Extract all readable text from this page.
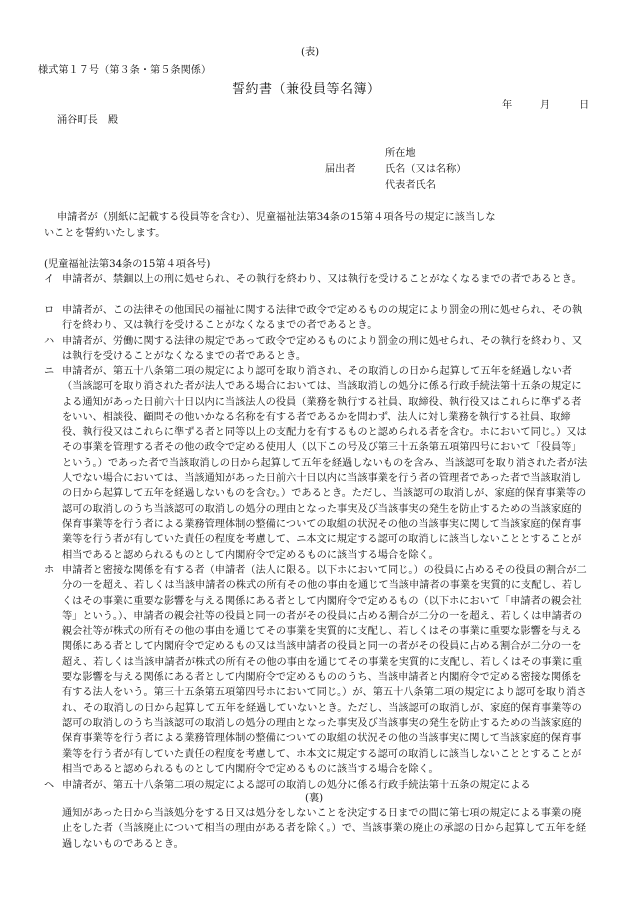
(表)
様式第１７号（第３条・第５条関係）
誓約書（兼役員等名簿）
年	月	日
涌谷町長　殿
所在地
届出者	氏名（又は名称）
代表者氏名
申請者が（別紙に記載する役員等を含む）、児童福祉法第34条の15第４項各号の規定に該当しな
いことを誓約いたします。
(児童福祉法第34条の15第４項各号)
イ 申請者が、禁錮以上の刑に処せられ、その執行を終わり、又は執行を受けることがなくなるまでの者であるとき。
ロ 申請者が、この法律その他国民の福祉に関する法律で政令で定めるものの規定により罰金の刑に処せられ、その執行を終わり、又は執行を受けることがなくなるまでの者であるとき。
ハ 申請者が、労働に関する法律の規定であって政令で定めるものにより罰金の刑に処せられ、その執行を終わり、又は執行を受けることがなくなるまでの者であるとき。
ニ 申請者が、第五十八条第二項の規定により認可を取り消され、その取消しの日から起算して五年を経過しない者（当該認可を取り消された者が法人である場合においては、当該取消しの処分に係る行政手続法第十五条の規定による通知があった日前六十日以内に当該法人の役員（業務を執行する社員、取締役、執行役又はこれらに準ずる者をいい、相談役、顧問その他いかなる名称を有する者であるかを問わず、法人に対し業務を執行する社員、取締役、執行役又はこれらに準ずる者と同等以上の支配力を有するものと認められる者を含む。ホにおいて同じ。）又はその事業を管理する者その他の政令で定める使用人（以下この号及び第三十五条第五項第四号において「役員等」という。）であった者で当該取消しの日から起算して五年を経過しないものを含み、当該認可を取り消された者が法人でない場合においては、当該通知があった日前六十日以内に当該事業を行う者の管理者であった者で当該取消しの日から起算して五年を経過しないものを含む。）であるとき。ただし、当該認可の取消しが、家庭的保育事業等の認可の取消しのうち当該認可の取消しの処分の理由となった事実及び当該事実の発生を防止するための当該家庭的保育事業等を行う者による業務管理体制の整備についての取組の状況その他の当該事実に関して当該家庭的保育事業等を行う者が有していた責任の程度を考慮して、ニ本文に規定する認可の取消しに該当しないこととすることが相当であると認められるものとして内閣府令で定めるものに該当する場合を除く。
ホ 申請者と密接な関係を有する者（申請者（法人に限る。以下ホにおいて同じ。）の役員に占めるその役員の割合が二分の一を超え、若しくは当該申請者の株式の所有その他の事由を通じて当該申請者の事業を実質的に支配し、若しくはその事業に重要な影響を与える関係にある者として内閣府令で定めるもの（以下ホにおいて「申請者の親会社等」という。）、申請者の親会社等の役員と同一の者がその役員に占める割合が二分の一を超え、若しくは申請者の親会社等が株式の所有その他の事由を通じてその事業を実質的に支配し、若しくはその事業に重要な影響を与える関係にある者として内閣府令で定めるもの又は当該申請者の役員と同一の者がその役員に占める割合が二分の一を超え、若しくは当該申請者が株式の所有その他の事由を通じてその事業を実質的に支配し、若しくはその事業に重要な影響を与える関係にある者として内閣府令で定めるもののうち、当該申請者と内閣府令で定める密接な関係を有する法人をいう。第三十五条第五項第四号ホにおいて同じ。）が、第五十八条第二項の規定により認可を取り消され、その取消しの日から起算して五年を経過していないとき。ただし、当該認可の取消しが、家庭的保育事業等の認可の取消しのうち当該認可の取消しの処分の理由となった事実及び当該事実の発生を防止するための当該家庭的保育事業等を行う者による業務管理体制の整備についての取組の状況その他の当該事実に関して当該家庭的保育事業等を行う者が有していた責任の程度を考慮して、ホ本文に規定する認可の取消しに該当しないこととすることが相当であると認められるものとして内閣府令で定めるものに該当する場合を除く。
ヘ 申請者が、第五十八条第二項の規定による認可の取消しの処分に係る行政手続法第十五条の規定による
(裏)
通知があった日から当該処分をする日又は処分をしないことを決定する日までの間に第七項の規定による事業の廃止をした者（当該廃止について相当の理由がある者を除く。）で、当該事業の廃止の承認の日から起算して五年を経過しないものであるとき。
